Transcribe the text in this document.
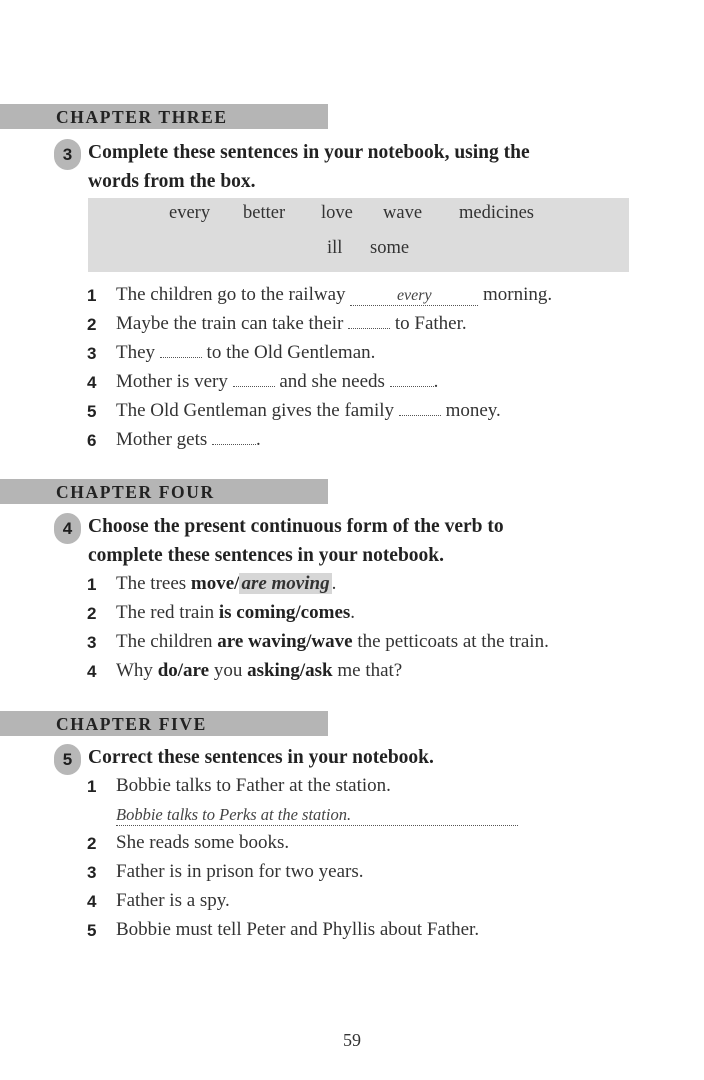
CHAPTER THREE
3 Complete these sentences in your notebook, using the
words from the box.
every better love wave medicines
ill some
1 The children go to the railway	every morning.
2 Maybe the train can take their  to Father.
3 They  to the Old Gentleman.
4 Mother is very  and she needs .
5 The Old Gentleman gives the family  money.
6 Mother gets .
CHAPTER FOUR
4 Choose the present continuous form of the verb to
complete these sentences in your notebook.
1 The trees move/ are moving .
2 The red train is coming/comes.
3 The children are waving/wave the petticoats at the train.
4 Why do/are you asking/ask me that?
CHAPTER FIVE
5 Correct these sentences in your notebook.
1 Bobbie talks to Father at the station.
Bobbie talks to Perks at the station.
2 She reads some books.
3 Father is in prison for two years.
4 Father is a spy.
5 Bobbie must tell Peter and Phyllis about Father.
59
